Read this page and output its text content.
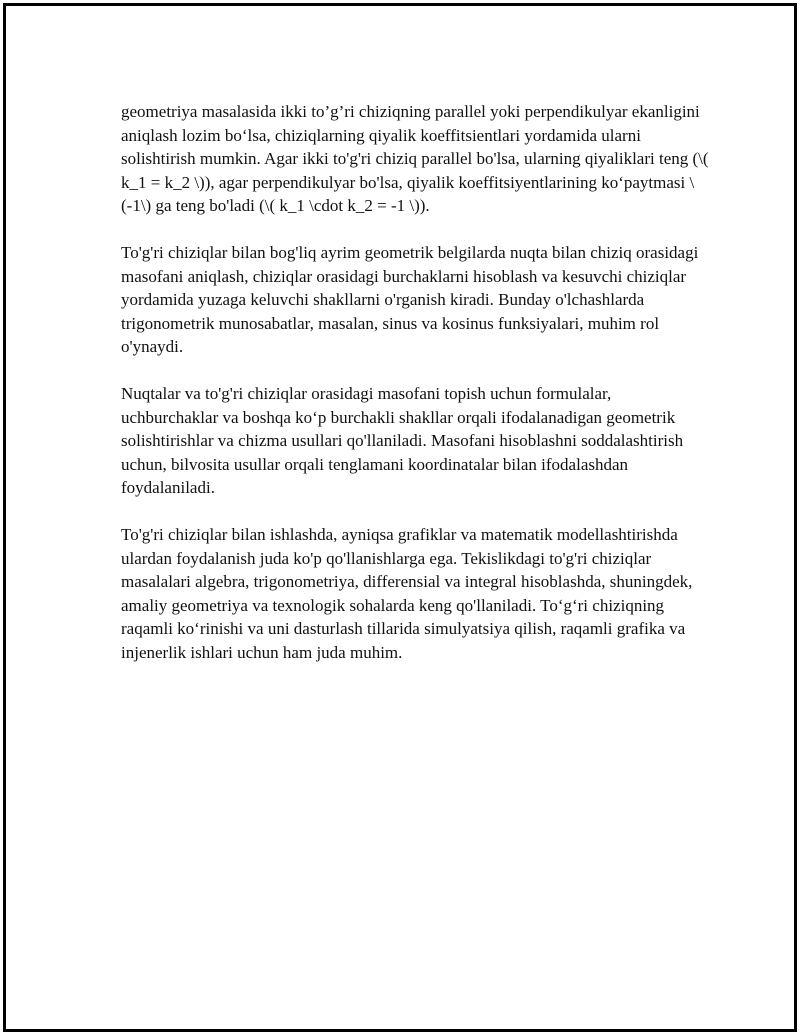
geometriya masalasida ikki to’g’ri chiziqning parallel yoki perpendikulyar ekanligini aniqlash lozim bo‘lsa, chiziqlarning qiyalik koeffitsientlari yordamida ularni solishtirish mumkin. Agar ikki to'g'ri chiziq parallel bo'lsa, ularning qiyaliklari teng (\( k_1 = k_2 \)), agar perpendikulyar bo'lsa, qiyalik koeffitsiyentlarining ko‘paytmasi \(-1\) ga teng bo'ladi (\( k_1 \cdot k_2 = -1 \)).

To'g'ri chiziqlar bilan bog'liq ayrim geometrik belgilarda nuqta bilan chiziq orasidagi masofani aniqlash, chiziqlar orasidagi burchaklarni hisoblash va kesuvchi chiziqlar yordamida yuzaga keluvchi shakllarni o'rganish kiradi. Bunday o'lchashlarda trigonometrik munosabatlar, masalan, sinus va kosinus funksiyalari, muhim rol o'ynaydi.

Nuqtalar va to'g'ri chiziqlar orasidagi masofani topish uchun formulalar, uchburchaklar va boshqa ko‘p burchakli shakllar orqali ifodalanadigan geometrik solishtirishlar va chizma usullari qo'llaniladi. Masofani hisoblashni soddalashtirish uchun, bilvosita usullar orqali tenglamani koordinatalar bilan ifodalashdan foydalaniladi.

To'g'ri chiziqlar bilan ishlashda, ayniqsa grafiklar va matematik modellashtirishda ulardan foydalanish juda ko'p qo'llanishlarga ega. Tekislikdagi to'g'ri chiziqlar masalalari algebra, trigonometriya, differensial va integral hisoblashda, shuningdek, amaliy geometriya va texnologik sohalarda keng qo'llaniladi. To‘g‘ri chiziqning raqamli ko‘rinishi va uni dasturlash tillarida simulyatsiya qilish, raqamli grafika va injenerlik ishlari uchun ham juda muhim.
